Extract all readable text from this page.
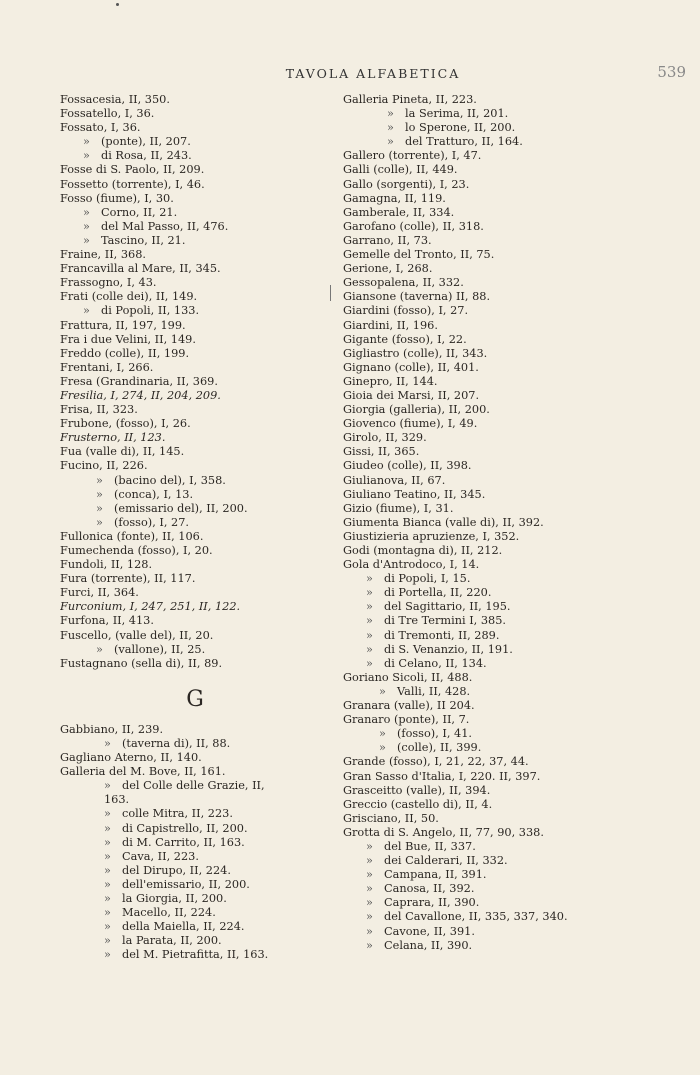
TAVOLA ALFABETICA	539
Fossacesia, II, 350.
Fossatello, I, 36.
Fossato, I, 36.
» (ponte), II, 207.
» di Rosa, II, 243.
Fosse di S. Paolo, II, 209.
Fossetto (torrente), I, 46.
Fosso (fiume), I, 30.
» Corno, II, 21.
» del Mal Passo, II, 476.
» Tascino, II, 21.
Fraine, II, 368.
Francavilla al Mare, II, 345.
Frassogno, I, 43.
Frati (colle dei), II, 149.
» di Popoli, II, 133.
Frattura, II, 197, 199.
Fra i due Velini, II, 149.
Freddo (colle), II, 199.
Frentani, I, 266.
Fresa (Grandinaria, II, 369.
Fresilia, I, 274, II, 204, 209.
Frisa, II, 323.
Frubone, (fosso), I, 26.
Frusterno, II, 123.
Fua (valle di), II, 145.
Fucino, II, 226.
» (bacino del), I, 358.
» (conca), I, 13.
» (emissario del), II, 200.
» (fosso), I, 27.
Fullonica (fonte), II, 106.
Fumechenda (fosso), I, 20.
Fundoli, II, 128.
Fura (torrente), II, 117.
Furci, II, 364.
Furconium, I, 247, 251, II, 122.
Furfona, II, 413.
Fuscello, (valle del), II, 20.
» (vallone), II, 25.
Fustagnano (sella di), II, 89.
G
Gabbiano, II, 239.
» (taverna di), II, 88.
Gagliano Aterno, II, 140.
Galleria del M. Bove, II, 161.
» del Colle delle Grazie, II,
163.
» colle Mitra, II, 223.
» di Capistrello, II, 200.
» di M. Carrito, II, 163.
» Cava, II, 223.
» del Dirupo, II, 224.
» dell'emissario, II, 200.
» la Giorgia, II, 200.
» Macello, II, 224.
» della Maiella, II, 224.
» la Parata, II, 200.
» del M. Pietrafitta, II, 163.
Galleria Pineta, II, 223.
» la Serima, II, 201.
» lo Sperone, II, 200.
» del Tratturo, II, 164.
Gallero (torrente), I, 47.
Galli (colle), II, 449.
Gallo (sorgenti), I, 23.
Gamagna, II, 119.
Gamberale, II, 334.
Garofano (colle), II, 318.
Garrano, II, 73.
Gemelle del Tronto, II, 75.
Gerione, I, 268.
Gessopalena, II, 332.
Giansone (taverna) II, 88.
Giardini (fosso), I, 27.
Giardini, II, 196.
Gigante (fosso), I, 22.
Gigliastro (colle), II, 343.
Gignano (colle), II, 401.
Ginepro, II, 144.
Gioia dei Marsi, II, 207.
Giorgia (galleria), II, 200.
Giovenco (fiume), I, 49.
Girolo, II, 329.
Gissi, II, 365.
Giudeo (colle), II, 398.
Giulianova, II, 67.
Giuliano Teatino, II, 345.
Gizio (fiume), I, 31.
Giumenta Bianca (valle di), II, 392.
Giustizieria apruzienze, I, 352.
Godi (montagna di), II, 212.
Gola d'Antrodoco, I, 14.
» di Popoli, I, 15.
» di Portella, II, 220.
» del Sagittario, II, 195.
» di Tre Termini I, 385.
» di Tremonti, II, 289.
» di S. Venanzio, II, 191.
» di Celano, II, 134.
Goriano Sicoli, II, 488.
» Valli, II, 428.
Granara (valle), II 204.
Granaro (ponte), II, 7.
» (fosso), I, 41.
» (colle), II, 399.
Grande (fosso), I, 21, 22, 37, 44.
Gran Sasso d'Italia, I, 220. II, 397.
Grasceitto (valle), II, 394.
Greccio (castello di), II, 4.
Grisciano, II, 50.
Grotta di S. Angelo, II, 77, 90, 338.
» del Bue, II, 337.
» dei Calderari, II, 332.
» Campana, II, 391.
» Canosa, II, 392.
» Caprara, II, 390.
» del Cavallone, II, 335, 337, 340.
» Cavone, II, 391.
» Celana, II, 390.
